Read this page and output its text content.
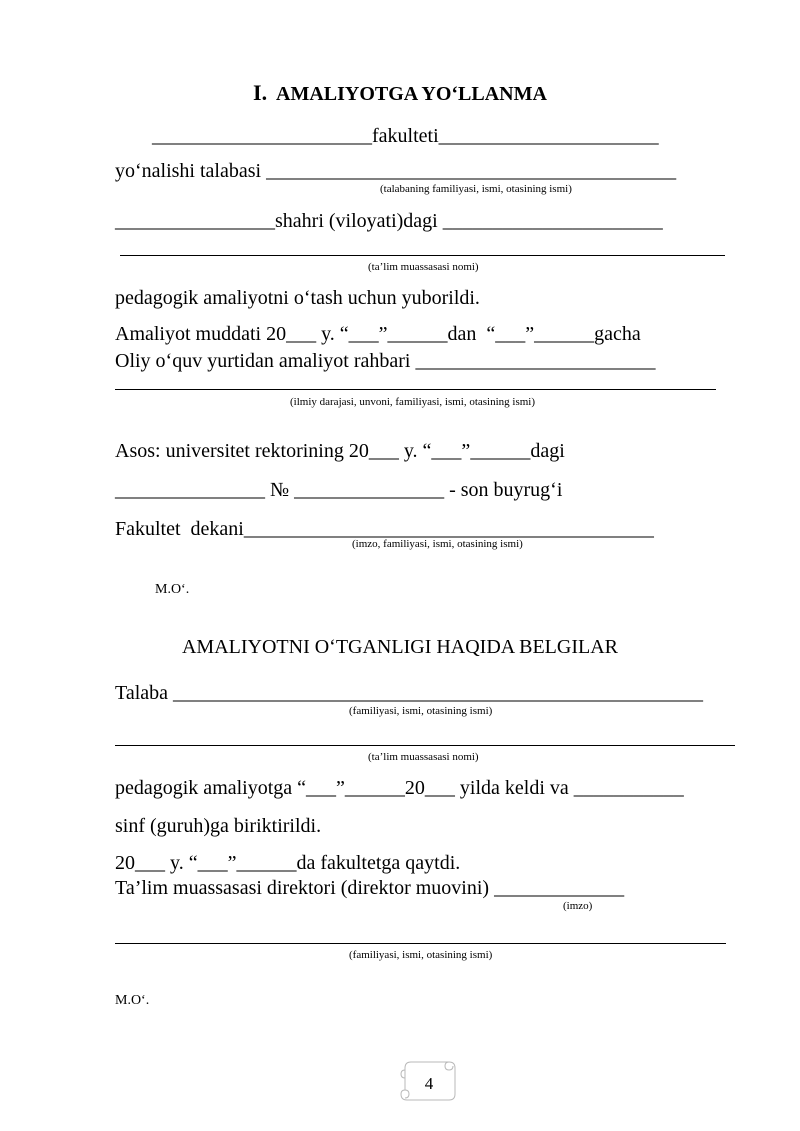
I. AMALIYOTGA YO‘LLANMA
______________________fakulteti______________________
yo‘nalishi talabasi _________________________________________
(talabaning familiyasi, ismi, otasining ismi)
________________shahri (viloyati)dagi ______________________
(ta’lim muassasasi nomi)
pedagogik amaliyotni o‘tash uchun yuborildi.
Amaliyot muddati 20___ y. “___”______dan  “___”______gacha
Oliy o‘quv yurtidan amaliyot rahbari ________________________
(ilmiy darajasi, unvoni, familiyasi, ismi, otasining ismi)
Asos: universitet rektorining 20___ y. “___”______dagi
_______________ № _______________ - son buyrug‘i
Fakultet  dekani_________________________________________
(imzo, familiyasi, ismi, otasining ismi)
M.O‘.
AMALIYOTNI O‘TGANLIGI HAQIDA BELGILAR
Talaba _____________________________________________________
(familiyasi, ismi, otasining ismi)
(ta’lim muassasasi nomi)
pedagogik amaliyotga “___”______20___ yilda keldi va ___________
sinf (guruh)ga biriktirildi.
20___ y. “___”______da fakultetga qaytdi.
Ta’lim muassasasi direktori (direktor muovini) _____________
(imzo)
(familiyasi, ismi, otasining ismi)
M.O‘.
4
